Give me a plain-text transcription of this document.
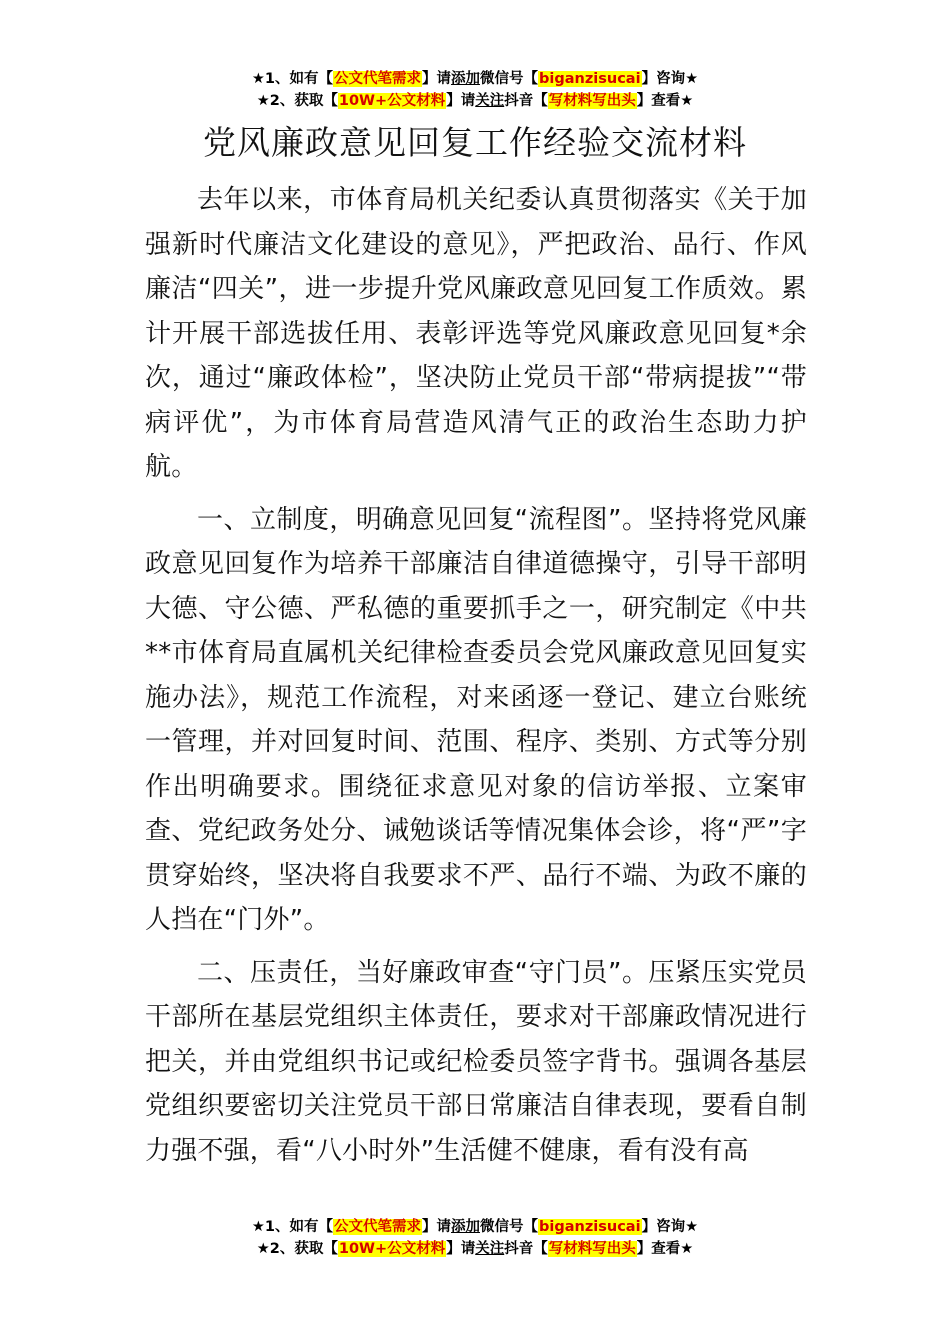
★1、如有【公文代笔需求】请添加微信号【biganzisucai】咨询★
★2、获取【10W+公文材料】请关注抖音【写材料写出头】查看★
党风廉政意见回复工作经验交流材料

去年以来，市体育局机关纪委认真贯彻落实《关于加强新时代廉洁文化建设的意见》，严把政治、品行、作风廉洁“四关”，进一步提升党风廉政意见回复工作质效。累计开展干部选拔任用、表彰评选等党风廉政意见回复*余次，通过“廉政体检”，坚决防止党员干部“带病提拔”“带病评优”，为市体育局营造风清气正的政治生态助力护航。

一、立制度，明确意见回复“流程图”。坚持将党风廉政意见回复作为培养干部廉洁自律道德操守，引导干部明大德、守公德、严私德的重要抓手之一，研究制定《中共**市体育局直属机关纪律检查委员会党风廉政意见回复实施办法》，规范工作流程，对来函逐一登记、建立台账统一管理，并对回复时间、范围、程序、类别、方式等分别作出明确要求。围绕征求意见对象的信访举报、立案审查、党纪政务处分、诫勉谈话等情况集体会诊，将“严”字贯穿始终，坚决将自我要求不严、品行不端、为政不廉的人挡在“门外”。

二、压责任，当好廉政审查“守门员”。压紧压实党员干部所在基层党组织主体责任，要求对干部廉政情况进行把关，并由党组织书记或纪检委员签字背书。强调各基层党组织要密切关注党员干部日常廉洁自律表现，要看自制力强不强，看“八小时外”生活健不健康，看有没有高

★1、如有【公文代笔需求】请添加微信号【biganzisucai】咨询★
★2、获取【10W+公文材料】请关注抖音【写材料写出头】查看★
